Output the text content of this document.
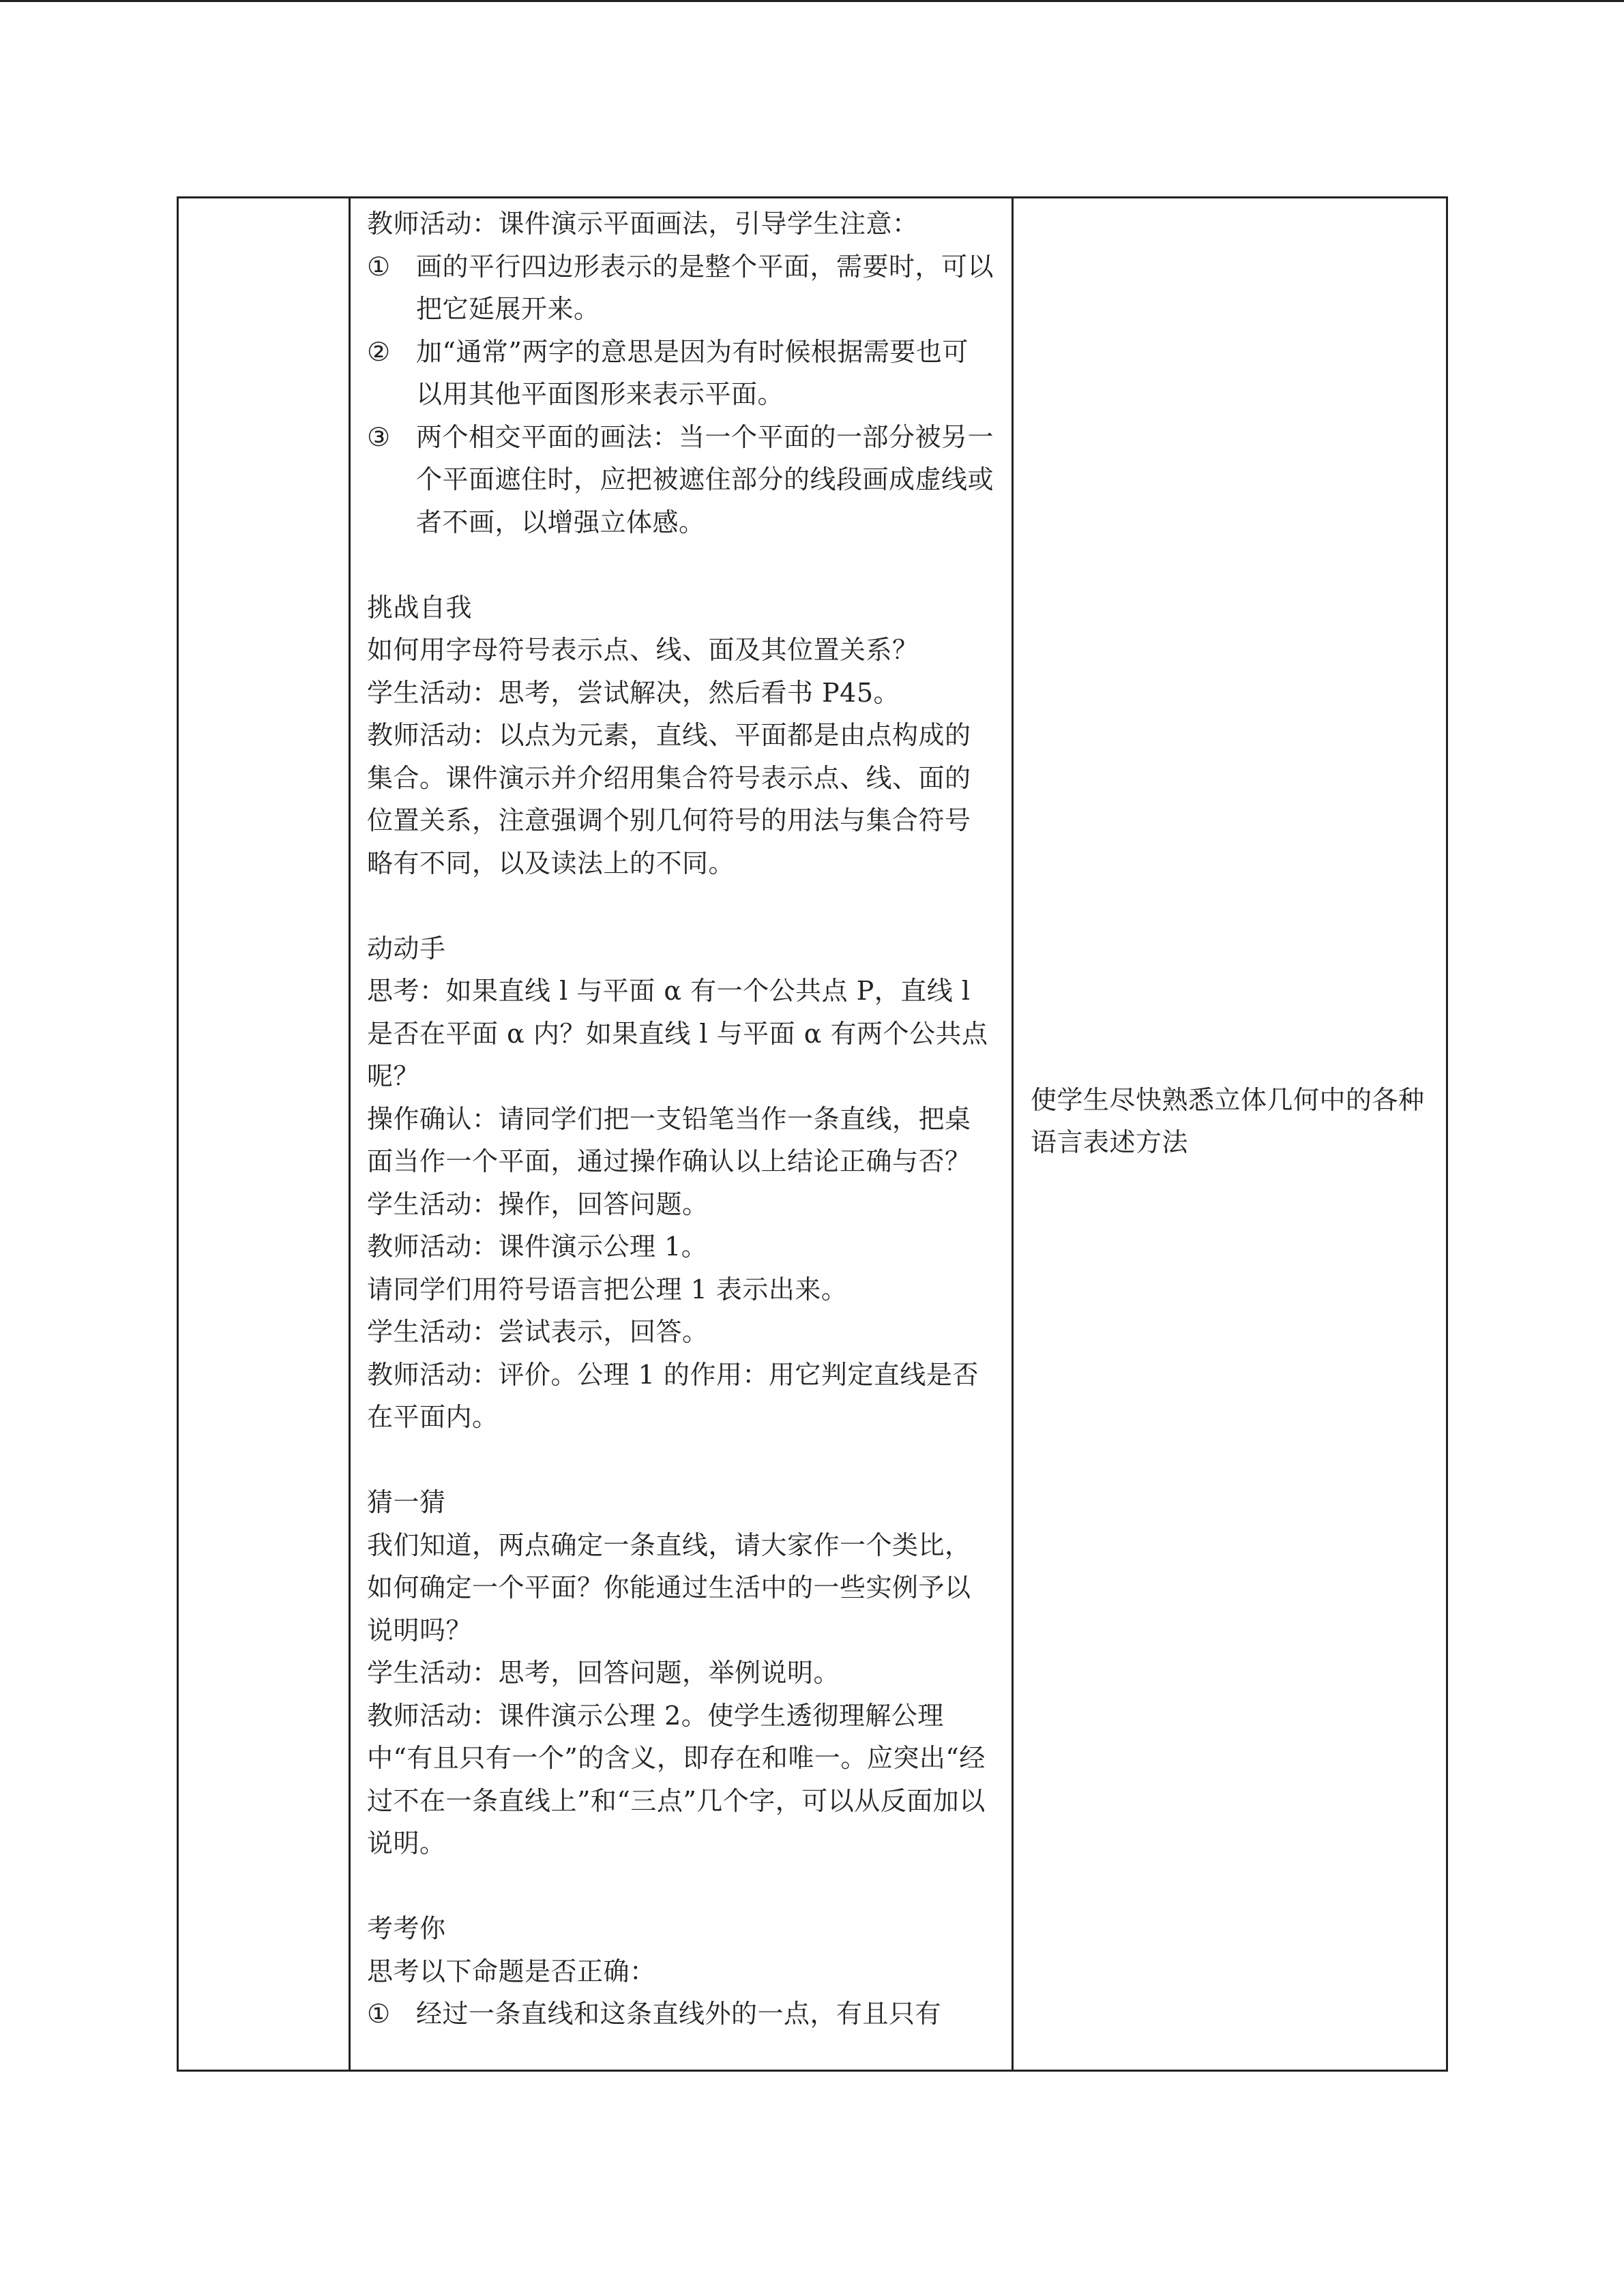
教师活动：课件演示平面画法，引导学生注意：

① 画的平行四边形表示的是整个平面，需要时，可以把它延展开来。

② 加“通常”两字的意思是因为有时候根据需要也可以用其他平面图形来表示平面。

③ 两个相交平面的画法：当一个平面的一部分被另一个平面遮住时，应把被遮住部分的线段画成虚线或者不画，以增强立体感。

挑战自我

如何用字母符号表示点、线、面及其位置关系？

学生活动：思考，尝试解决，然后看书 P45。

教师活动：以点为元素，直线、平面都是由点构成的集合。课件演示并介绍用集合符号表示点、线、面的位置关系，注意强调个别几何符号的用法与集合符号略有不同，以及读法上的不同。

动动手

思考：如果直线 l 与平面 α 有一个公共点 P，直线 l 是否在平面 α 内？如果直线 l 与平面 α 有两个公共点呢？

操作确认：请同学们把一支铅笔当作一条直线，把桌面当作一个平面，通过操作确认以上结论正确与否？

学生活动：操作，回答问题。

教师活动：课件演示公理 1。

请同学们用符号语言把公理 1 表示出来。

学生活动：尝试表示，回答。

教师活动：评价。公理 1 的作用：用它判定直线是否在平面内。

猜一猜

我们知道，两点确定一条直线，请大家作一个类比，如何确定一个平面？你能通过生活中的一些实例予以说明吗？

学生活动：思考，回答问题，举例说明。

教师活动：课件演示公理 2。使学生透彻理解公理中“有且只有一个”的含义，即存在和唯一。应突出“经过不在一条直线上”和“三点”几个字，可以从反面加以说明。

考考你

思考以下命题是否正确：

① 经过一条直线和这条直线外的一点，有且只有

使学生尽快熟悉立体几何中的各种语言表述方法
